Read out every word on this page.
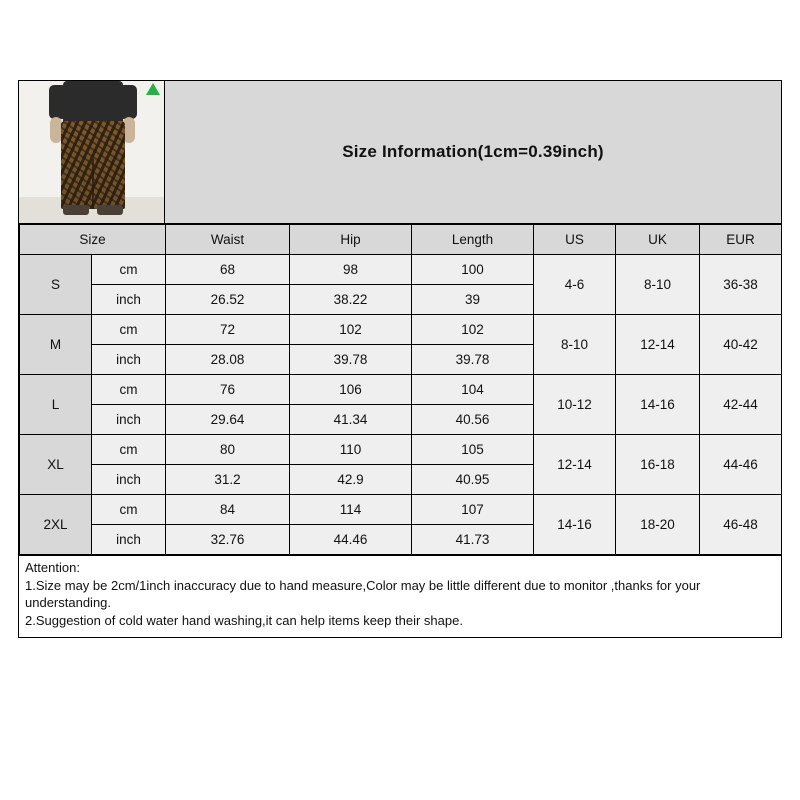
Size Information(1cm=0.39inch)
Size		Waist	Hip	Length	US	UK	EUR
S	cm	68	98	100	4-6	8-10	36-38
	inch	26.52	38.22	39			
M	cm	72	102	102	8-10	12-14	40-42
	inch	28.08	39.78	39.78			
L	cm	76	106	104	10-12	14-16	42-44
	inch	29.64	41.34	40.56			
XL	cm	80	110	105	12-14	16-18	44-46
	inch	31.2	42.9	40.95			
2XL	cm	84	114	107	14-16	18-20	46-48
	inch	32.76	44.46	41.73			
Attention:
1.Size may be 2cm/1inch inaccuracy due to hand measure,Color may be little different due to monitor ,thanks for your understanding.
2.Suggestion of cold water hand washing,it can help items keep their shape.
